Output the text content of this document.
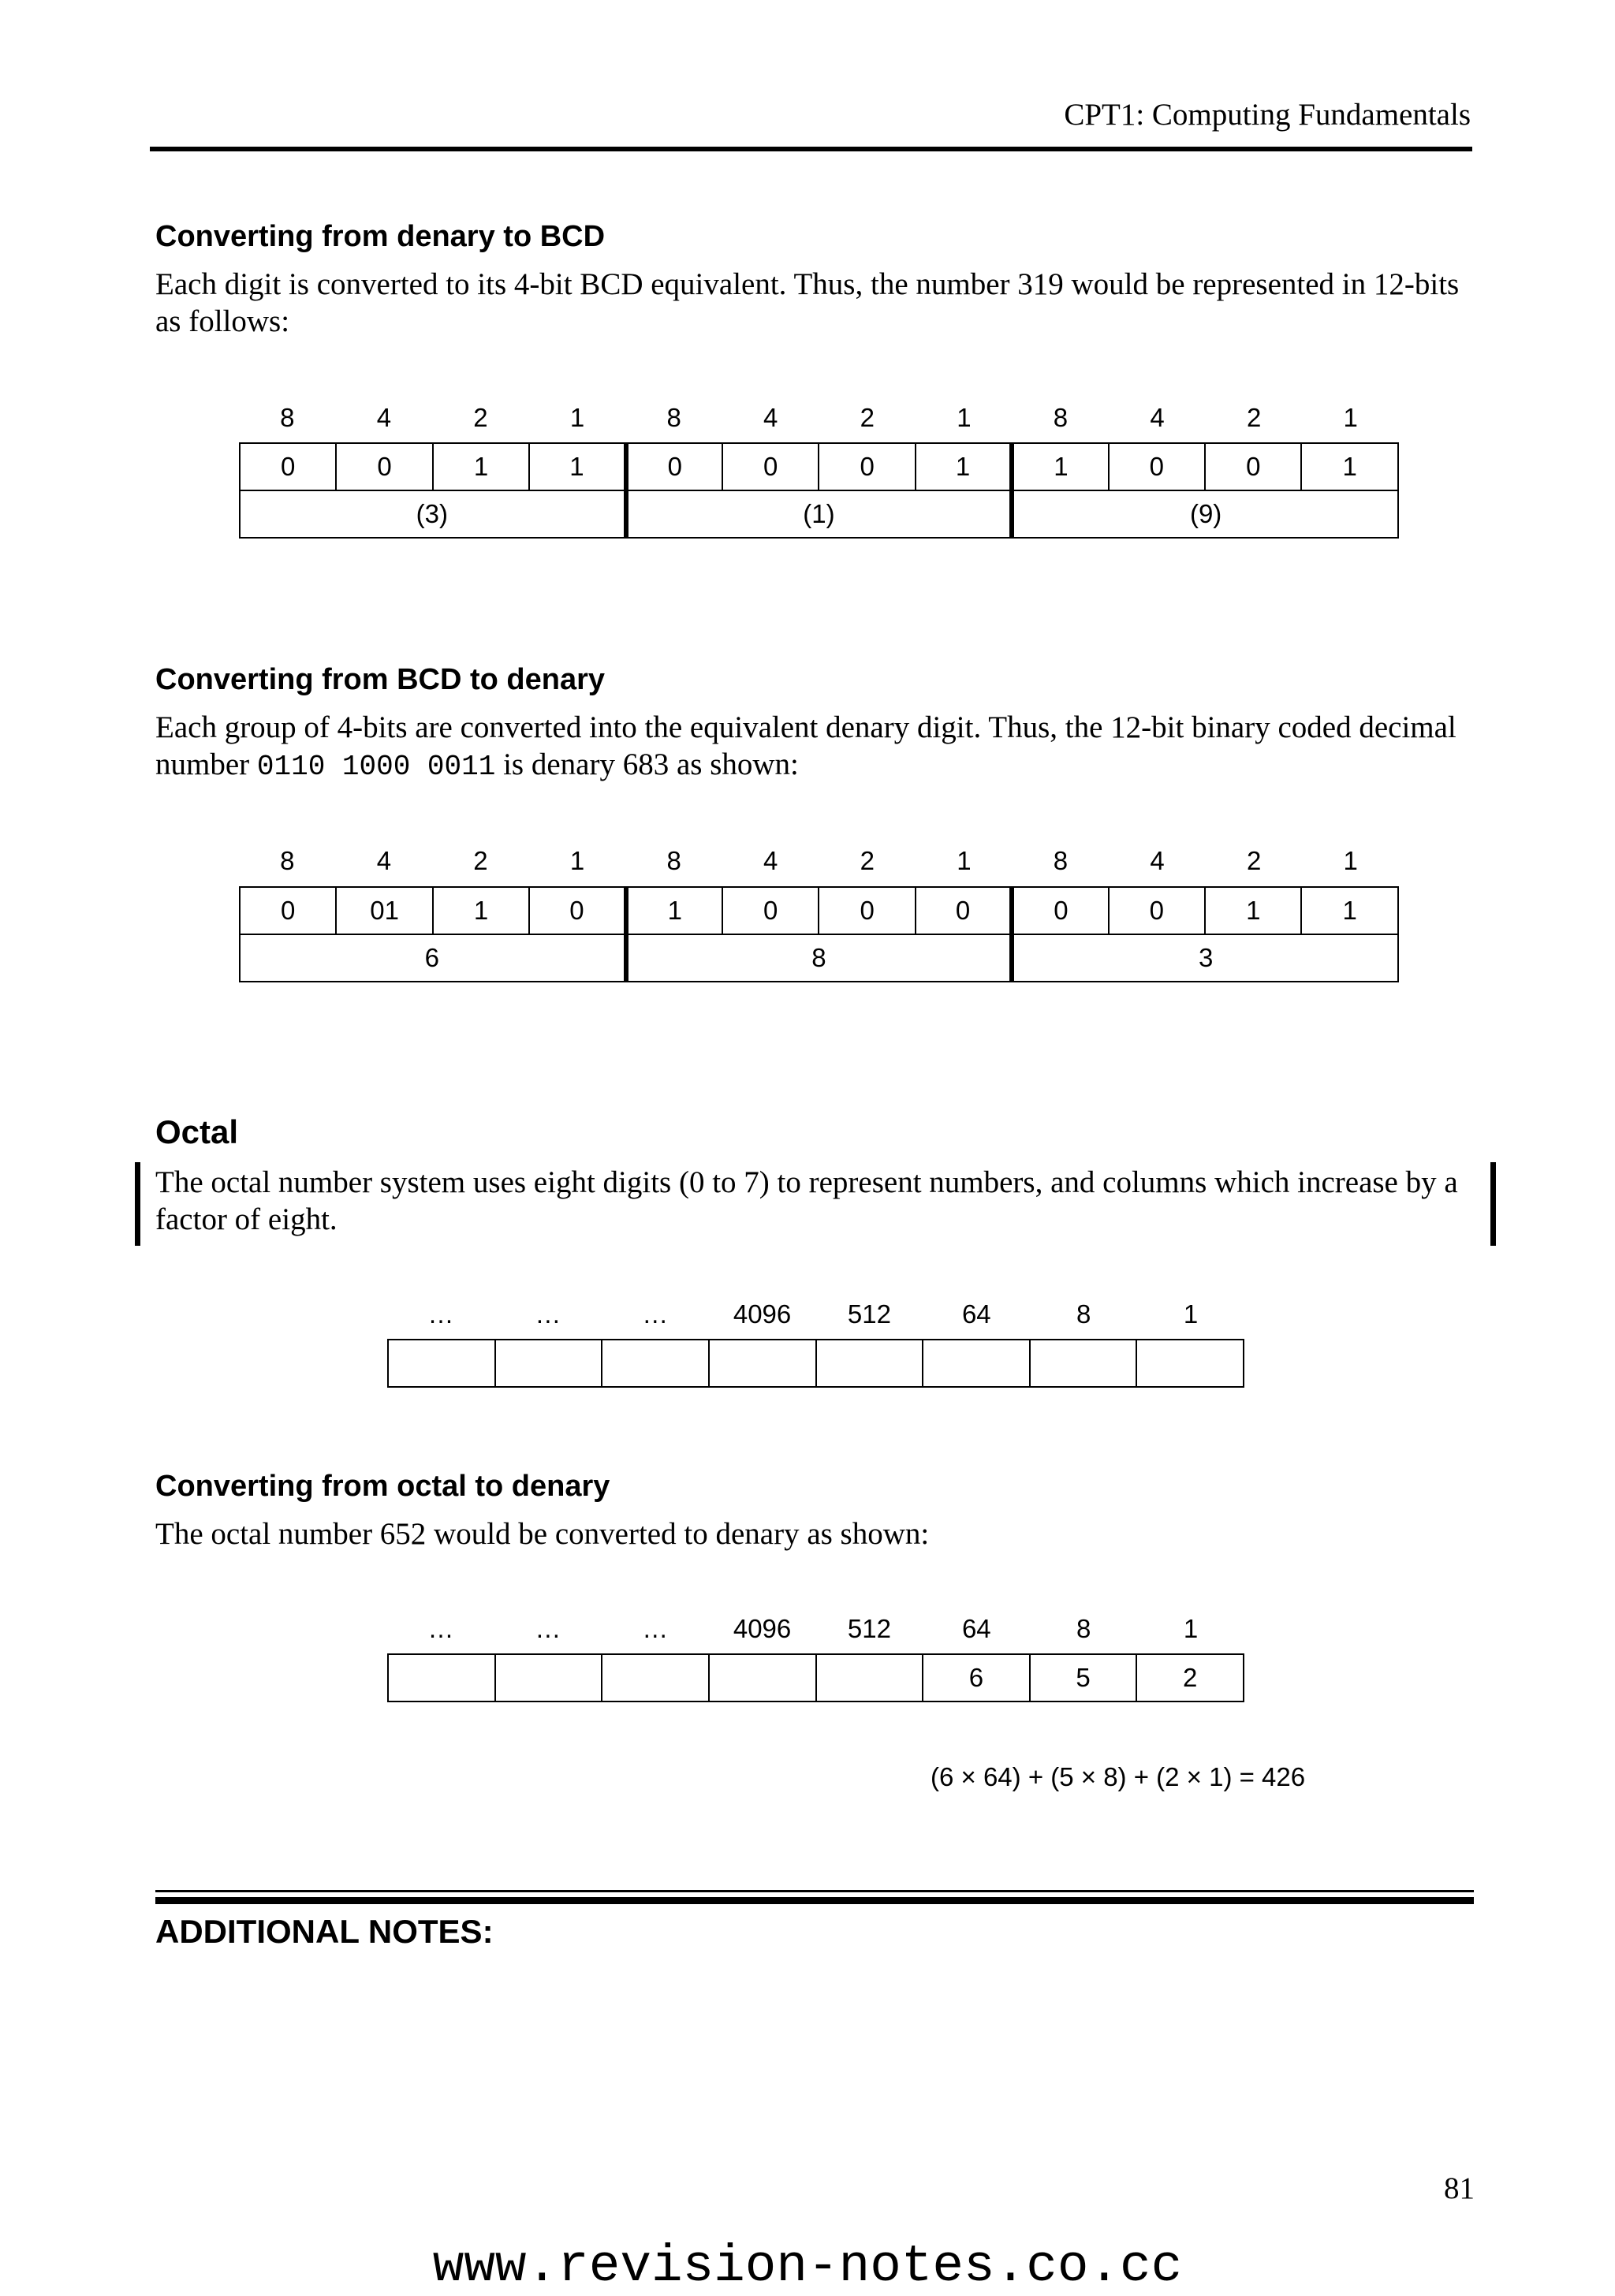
CPT1: Computing Fundamentals
Converting from denary to BCD
Each digit is converted to its 4-bit BCD equivalent. Thus, the number 319 would be represented in 12-bits as follows:
8	4	2	1	8	4	2	1	8	4	2	1
0	0	1	1	0	0	0	1	1	0	0	1
(3)				(1)				(9)			
Converting from BCD to denary
Each group of 4-bits are converted into the equivalent denary digit. Thus, the 12-bit binary coded decimal number 0110 1000 0011 is denary 683 as shown:
8	4	2	1	8	4	2	1	8	4	2	1
0	01	1	0	1	0	0	0	0	0	1	1
6				8				3			
Octal
The octal number system uses eight digits (0 to 7) to represent numbers, and columns which increase by a factor of eight.
…	…	…	4096	512	64	8	1

Converting from octal to denary
The octal number 652 would be converted to denary as shown:
…	…	…	4096	512	64	8	1
					6	5	2
(6 × 64) + (5 × 8) + (2 × 1) = 426
ADDITIONAL NOTES:
81
www.revision-notes.co.cc
